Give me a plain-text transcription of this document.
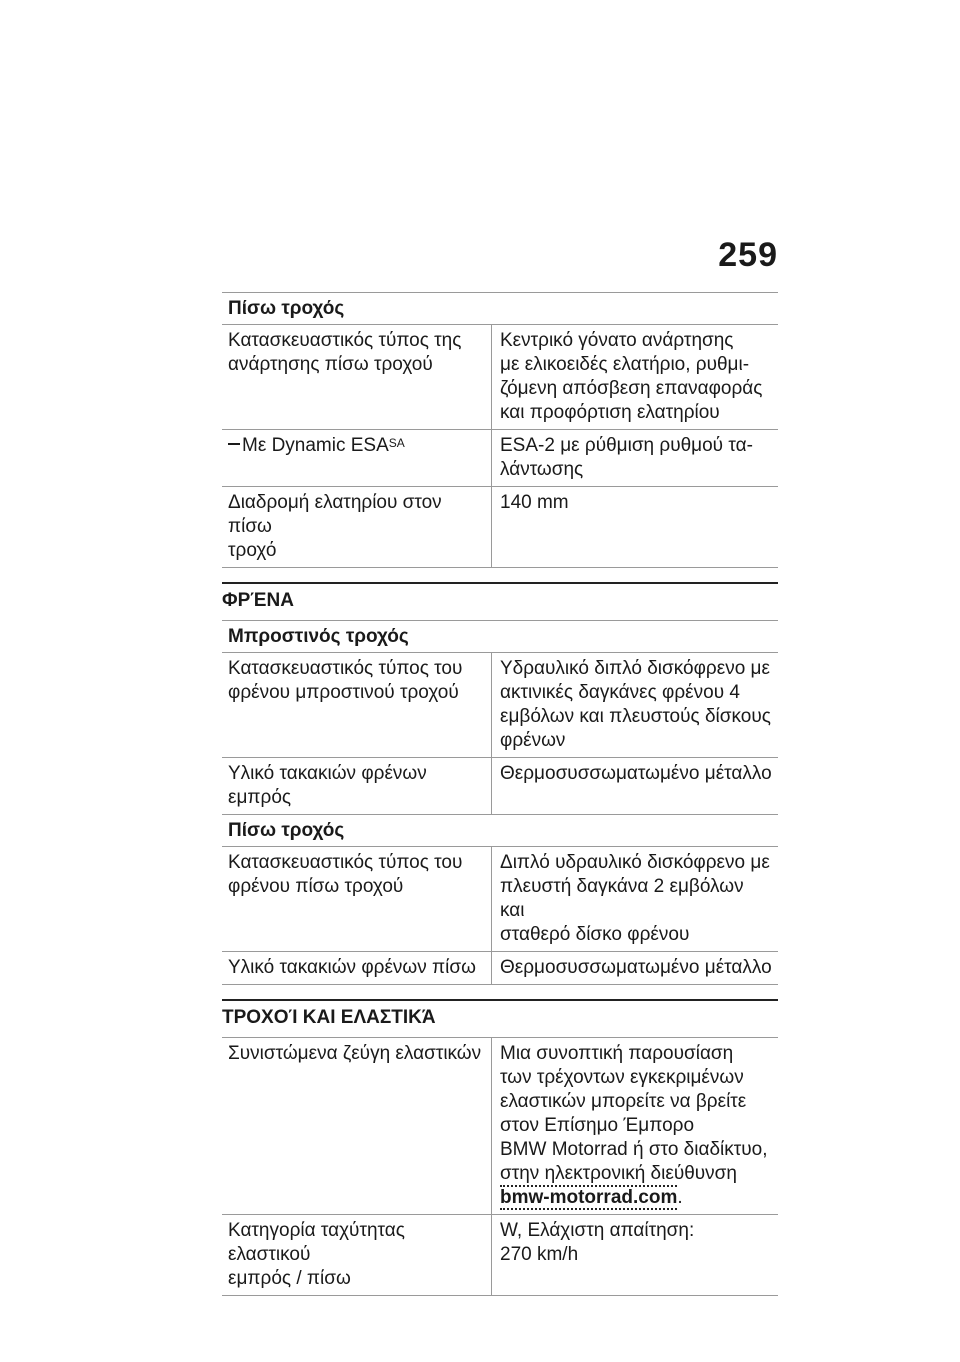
259
Πίσω τροχός
Κατασκευαστικός τύπος της
ανάρτησης πίσω τροχού
Κεντρικό γόνατο ανάρτησης
με ελικοειδές ελατήριο, ρυθμι-
ζόμενη απόσβεση επαναφοράς
και προφόρτιση ελατηρίου
Με Dynamic $ESA^{SA}$	ESA-2 με ρύθμιση ρυθμού τα-
λάντωσης
Διαδρομή ελατηρίου στον πίσω
τροχό
140 mm
ΦΡΈΝΑ
Μπροστινός τροχός
Κατασκευαστικός τύπος του
φρένου μπροστινού τροχού
Υδραυλικό διπλό δισκόφρενο με
ακτινικές δαγκάνες φρένου 4
εμβόλων και πλευστούς δίσκους
φρένων
Υλικό τακακιών φρένων εμπρός
Θερμοσυσσωματωμένο μέταλλο
Πίσω τροχός
Κατασκευαστικός τύπος του
φρένου πίσω τροχού
Διπλό υδραυλικό δισκόφρενο με
πλευστή δαγκάνα 2 εμβόλων και
σταθερό δίσκο φρένου
Υλικό τακακιών φρένων πίσω	Θερμοσυσσωματωμένο μέταλλο
ΤΡΟΧΟΊ ΚΑΙ ΕΛΑΣΤΙΚΆ
Συνιστώμενα ζεύγη ελαστικών Μια συνοπτική παρουσίαση
των τρέχοντων εγκεκριμένων
ελαστικών μπορείτε να βρείτε
στον Επίσημο Έμπορο
BMW Motorrad ή στο διαδίκτυο,
στην ηλεκτρονική διεύθυνση
bmw-motorrad.com.
Κατηγορία ταχύτητας ελαστικού
εμπρός / πίσω
W, Ελάχιστη απαίτηση:
270 km/h
